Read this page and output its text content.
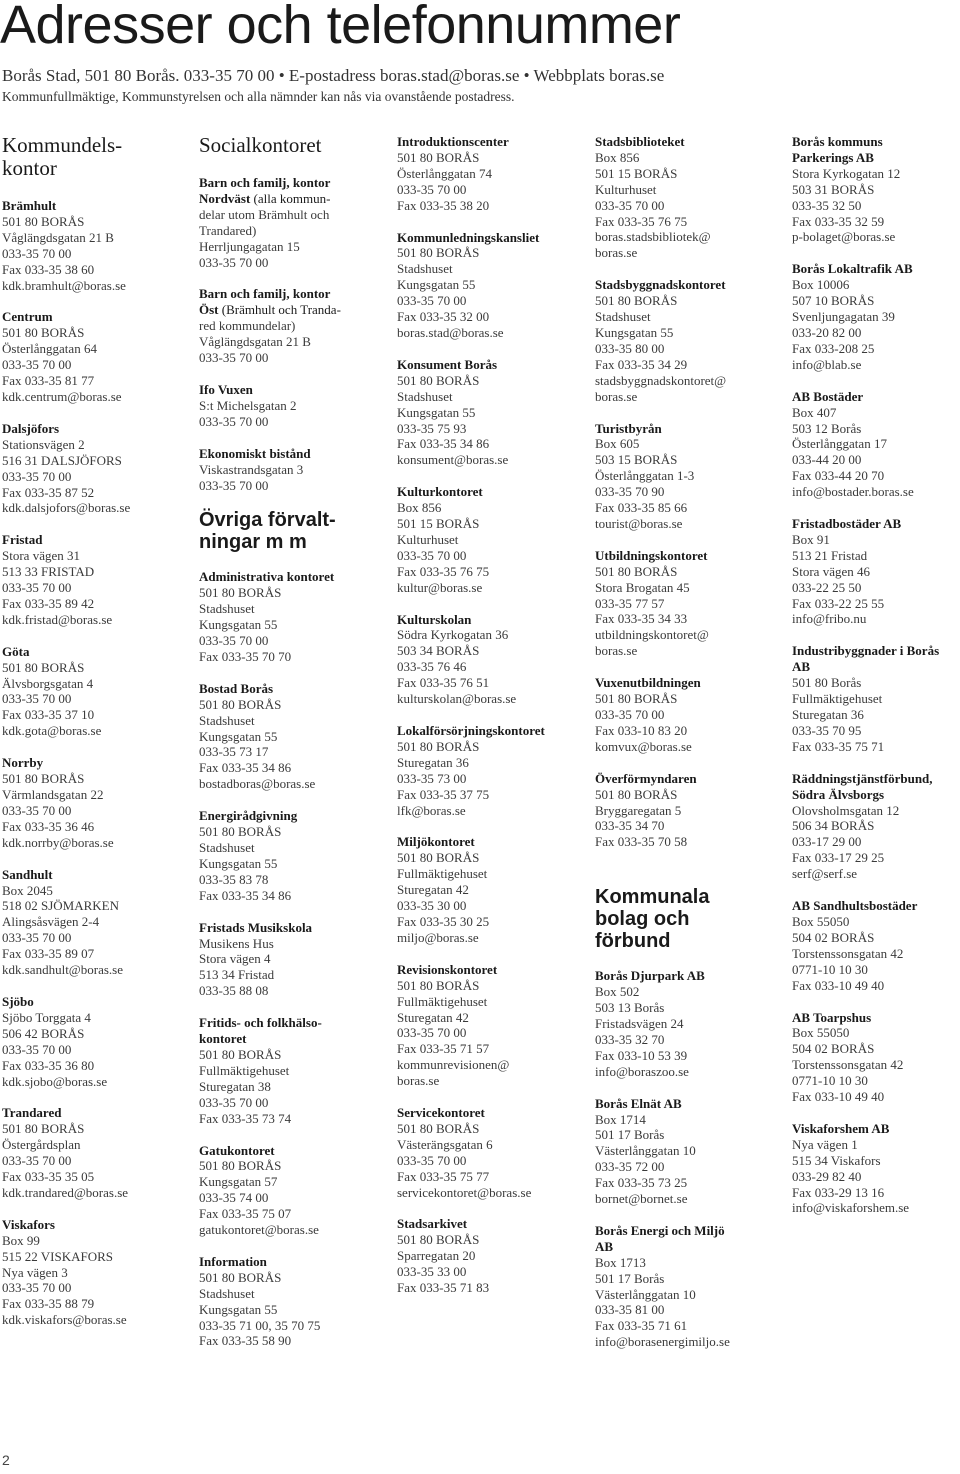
Adresser och telefonnummer
Borås Stad, 501 80 Borås. 033-35 70 00 • E-postadress boras.stad@boras.se • Webbplats boras.se
Kommunfullmäktige, Kommunstyrelsen och alla nämnder kan nås via ovanstående postadress.
Kommundels-
kontor
Brämhult
501 80 BORÅS
Våglängdsgatan 21 B
033-35 70 00
Fax 033-35 38 60
kdk.bramhult@boras.se
Centrum
501 80 BORÅS
Österlånggatan 64
033-35 70 00
Fax 033-35 81 77
kdk.centrum@boras.se
Dalsjöfors
Stationsvägen 2
516 31 DALSJÖFORS
033-35 70 00
Fax 033-35 87 52
kdk.dalsjofors@boras.se
Fristad
Stora vägen 31
513 33 FRISTAD
033-35 70 00
Fax 033-35 89 42
kdk.fristad@boras.se
Göta
501 80 BORÅS
Älvsborgsgatan 4
033-35 70 00
Fax 033-35 37 10
kdk.gota@boras.se
Norrby
501 80 BORÅS
Värmlandsgatan 22
033-35 70 00
Fax 033-35 36 46
kdk.norrby@boras.se
Sandhult
Box 2045
518 02 SJÖMARKEN
Alingsåsvägen 2-4
033-35 70 00
Fax 033-35 89 07
kdk.sandhult@boras.se
Sjöbo
Sjöbo Torggata 4
506 42 BORÅS
033-35 70 00
Fax 033-35 36 80
kdk.sjobo@boras.se
Trandared
501 80 BORÅS
Östergårdsplan
033-35 70 00
Fax 033-35 35 05
kdk.trandared@boras.se
Viskafors
Box 99
515 22 VISKAFORS
Nya vägen 3
033-35 70 00
Fax 033-35 88 79
kdk.viskafors@boras.se
Socialkontoret
Barn och familj, kontor
Nordväst (alla kommun-
delar utom Brämhult och
Trandared)
Herrljungagatan 15
033-35 70 00
Barn och familj, kontor
Öst (Brämhult och Tranda-
red kommundelar)
Våglängdsgatan 21 B
033-35 70 00
Ifo Vuxen
S:t Michelsgatan 2
033-35 70 00
Ekonomiskt bistånd
Viskastrandsgatan 3
033-35 70 00
Övriga förvalt-
ningar m m
Administrativa kontoret
501 80 BORÅS
Stadshuset
Kungsgatan 55
033-35 70 00
Fax 033-35 70 70
Bostad Borås
501 80 BORÅS
Stadshuset
Kungsgatan 55
033-35 73 17
Fax 033-35 34 86
bostadboras@boras.se
Energirådgivning
501 80 BORÅS
Stadshuset
Kungsgatan 55
033-35 83 78
Fax 033-35 34 86
Fristads Musikskola
Musikens Hus
Stora vägen 4
513 34 Fristad
033-35 88 08
Fritids- och folkhälso-
kontoret
501 80 BORÅS
Fullmäktigehuset
Sturegatan 38
033-35 70 00
Fax 033-35 73 74
Gatukontoret
501 80 BORÅS
Kungsgatan 57
033-35 74 00
Fax 033-35 75 07
gatukontoret@boras.se
Information
501 80 BORÅS
Stadshuset
Kungsgatan 55
033-35 71 00, 35 70 75
Fax 033-35 58 90
Introduktionscenter
501 80 BORÅS
Österlånggatan 74
033-35 70 00
Fax 033-35 38 20
Kommunledningskansliet
501 80 BORÅS
Stadshuset
Kungsgatan 55
033-35 70 00
Fax 033-35 32 00
boras.stad@boras.se
Konsument Borås
501 80 BORÅS
Stadshuset
Kungsgatan 55
033-35 75 93
Fax 033-35 34 86
konsument@boras.se
Kulturkontoret
Box 856
501 15 BORÅS
Kulturhuset
033-35 70 00
Fax 033-35 76 75
kultur@boras.se
Kulturskolan
Södra Kyrkogatan 36
503 34 BORÅS
033-35 76 46
Fax 033-35 76 51
kulturskolan@boras.se
Lokalförsörjningskontoret
501 80 BORÅS
Sturegatan 36
033-35 73 00
Fax 033-35 37 75
lfk@boras.se
Miljökontoret
501 80 BORÅS
Fullmäktigehuset
Sturegatan 42
033-35 30 00
Fax 033-35 30 25
miljo@boras.se
Revisionskontoret
501 80 BORÅS
Fullmäktigehuset
Sturegatan 42
033-35 70 00
Fax 033-35 71 57
kommunrevisionen@
boras.se
Servicekontoret
501 80 BORÅS
Västerängsgatan 6
033-35 70 00
Fax 033-35 75 77
servicekontoret@boras.se
Stadsarkivet
501 80 BORÅS
Sparregatan 20
033-35 33 00
Fax 033-35 71 83
Stadsbiblioteket
Box 856
501 15 BORÅS
Kulturhuset
033-35 70 00
Fax 033-35 76 75
boras.stadsbibliotek@
boras.se
Stadsbyggnadskontoret
501 80 BORÅS
Stadshuset
Kungsgatan 55
033-35 80 00
Fax 033-35 34 29
stadsbyggnadskontoret@
boras.se
Turistbyrån
Box 605
503 15 BORÅS
Österlånggatan 1-3
033-35 70 90
Fax 033-35 85 66
tourist@boras.se
Utbildningskontoret
501 80 BORÅS
Stora Brogatan 45
033-35 77 57
Fax 033-35 34 33
utbildningskontoret@
boras.se
Vuxenutbildningen
501 80 BORÅS
033-35 70 00
Fax 033-10 83 20
komvux@boras.se
Överförmyndaren
501 80 BORÅS
Bryggaregatan 5
033-35 34 70
Fax 033-35 70 58
Kommunala
bolag och
förbund
Borås Djurpark AB
Box 502
503 13 Borås
Fristadsvägen 24
033-35 32 70
Fax 033-10 53 39
info@boraszoo.se
Borås Elnät AB
Box 1714
501 17 Borås
Västerlånggatan 10
033-35 72 00
Fax 033-35 73 25
bornet@bornet.se
Borås Energi och Miljö
AB
Box 1713
501 17 Borås
Västerlånggatan 10
033-35 81 00
Fax 033-35 71 61
info@borasenergimiljo.se
Borås kommuns
Parkerings AB
Stora Kyrkogatan 12
503 31 BORÅS
033-35 32 50
Fax 033-35 32 59
p-bolaget@boras.se
Borås Lokaltrafik AB
Box 10006
507 10 BORÅS
Svenljungagatan 39
033-20 82 00
Fax 033-208 25
info@blab.se
AB Bostäder
Box 407
503 12 Borås
Österlånggatan 17
033-44 20 00
Fax 033-44 20 70
info@bostader.boras.se
Fristadbostäder AB
Box 91
513 21 Fristad
Stora vägen 46
033-22 25 50
Fax 033-22 25 55
info@fribo.nu
Industribyggnader i Borås
AB
501 80 Borås
Fullmäktigehuset
Sturegatan 36
033-35 70 95
Fax 033-35 75 71
Räddningstjänstförbund,
Södra Älvsborgs
Olovsholmsgatan 12
506 34 BORÅS
033-17 29 00
Fax 033-17 29 25
serf@serf.se
AB Sandhultsbostäder
Box 55050
504 02 BORÅS
Torstenssonsgatan 42
0771-10 10 30
Fax 033-10 49 40
AB Toarpshus
Box 55050
504 02 BORÅS
Torstenssonsgatan 42
0771-10 10 30
Fax 033-10 49 40
Viskaforshem AB
Nya vägen 1
515 34 Viskafors
033-29 82 40
Fax 033-29 13 16
info@viskaforshem.se
2
